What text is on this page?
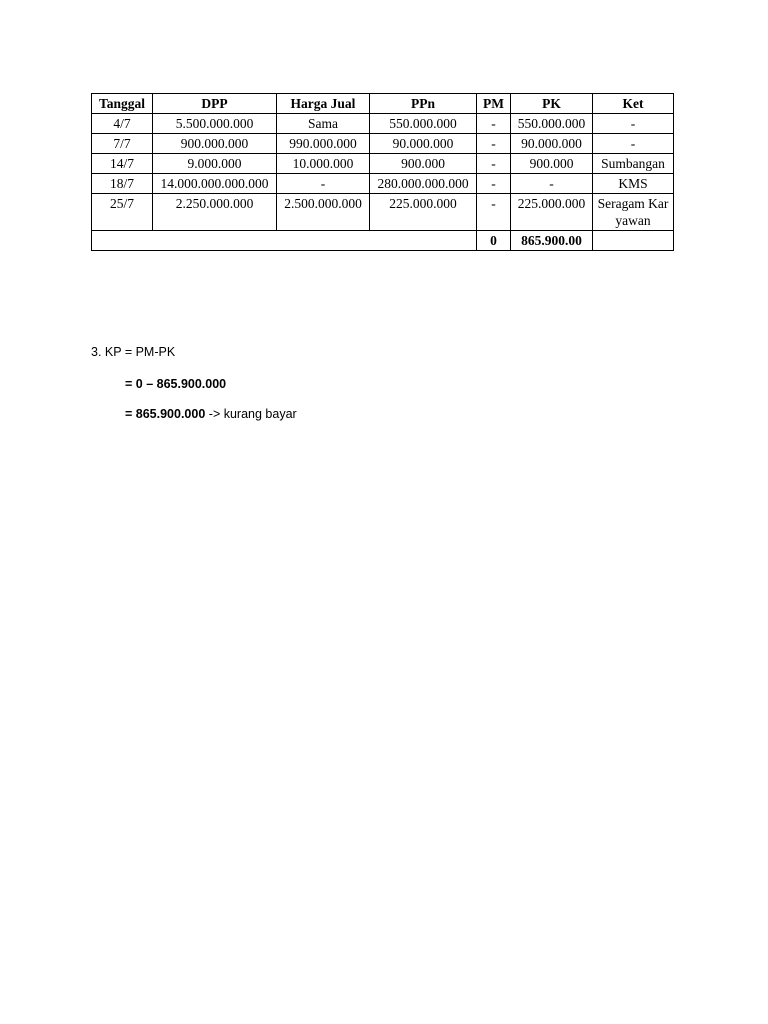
Tanggal	DPP	Harga Jual	PPn	PM	PK	Ket
4/7	5.500.000.000	Sama	550.000.000	-	550.000.000	-
7/7	900.000.000	990.000.000	90.000.000	-	90.000.000	-
14/7	9.000.000	10.000.000	900.000	-	900.000	Sumbangan
18/7	14.000.000.000.000	-	280.000.000.000	-	-	KMS
25/7	2.250.000.000	2.500.000.000	225.000.000	-	225.000.000	Seragam Karyawan
				0	865.900.00	
3. KP = PM-PK
= 0 – 865.900.000
= 865.900.000 -> kurang bayar
